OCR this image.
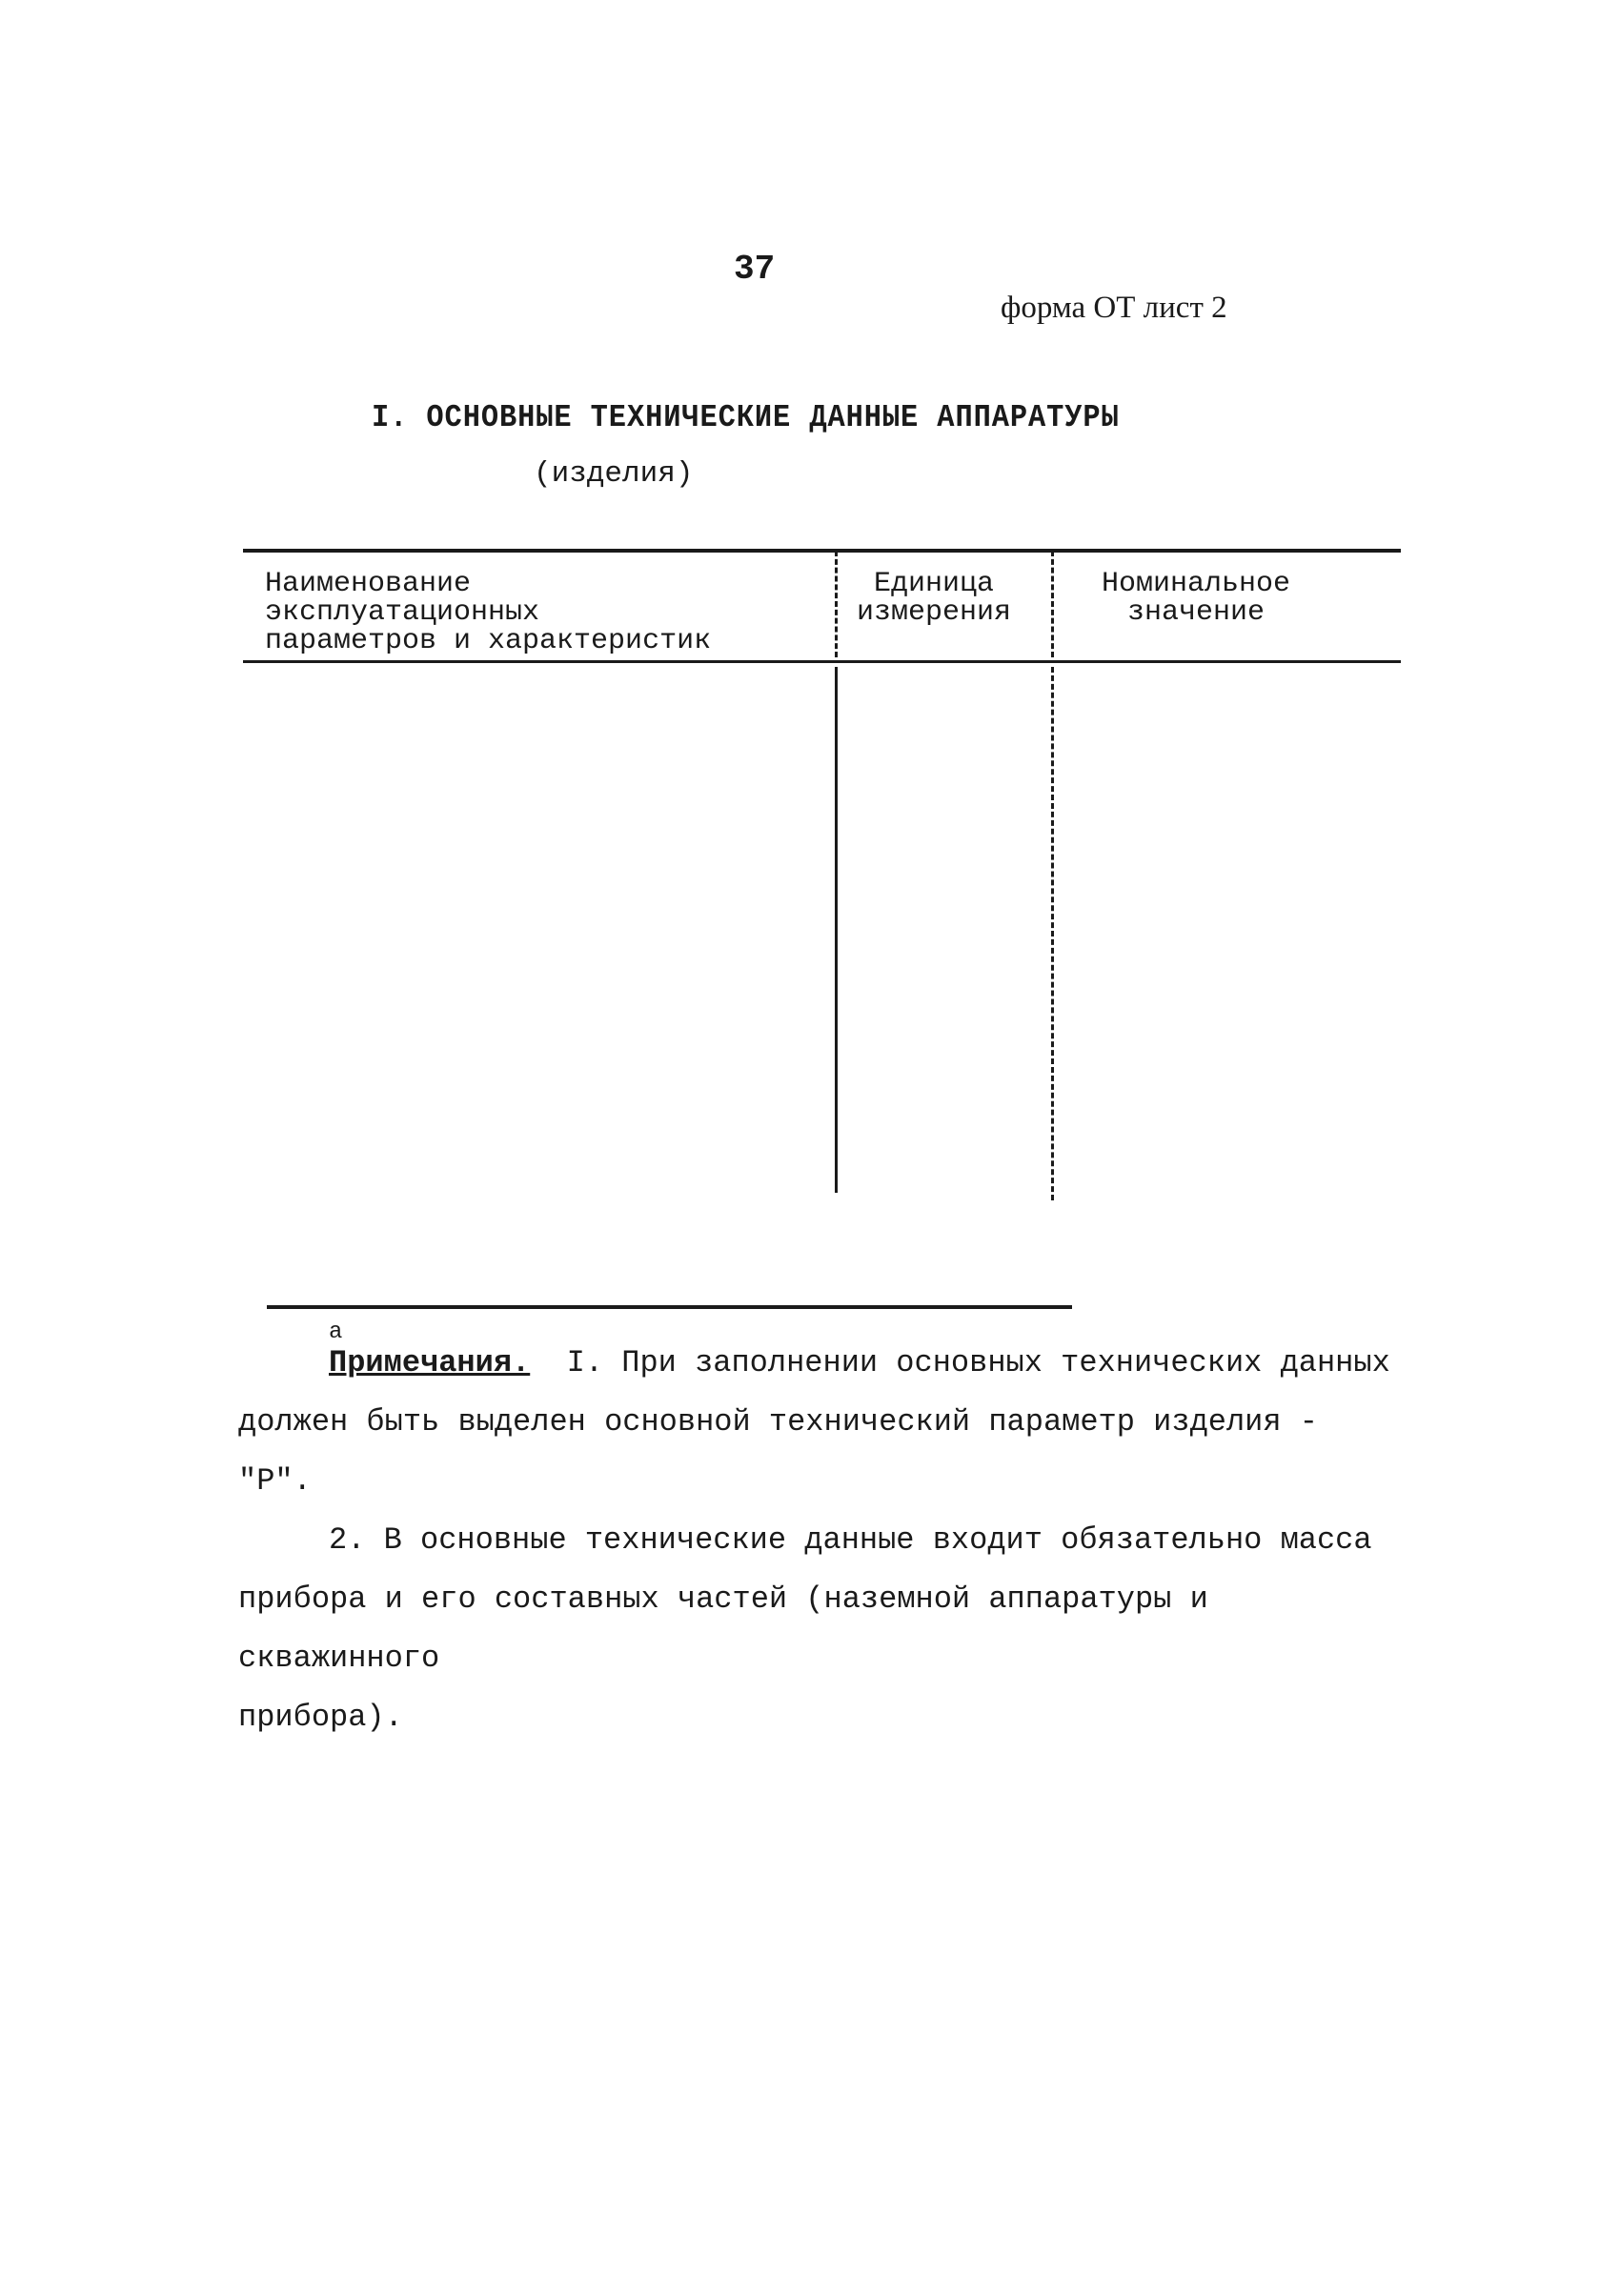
37
форма ОТ лист 2
I. ОСНОВНЫЕ ТЕХНИЧЕСКИЕ ДАННЫЕ АППАРАТУРЫ
(изделия)
Наименование
эксплуатационных
параметров и характеристик
Единица
измерения
Номинальное
значение
а

Примечания. I. При заполнении основных технических данных

должен быть выделен основной технический параметр изделия - "Р".

2. В основные технические данные входит обязательно масса

прибора и его составных частей (наземной аппаратуры и скважинного

прибора).
